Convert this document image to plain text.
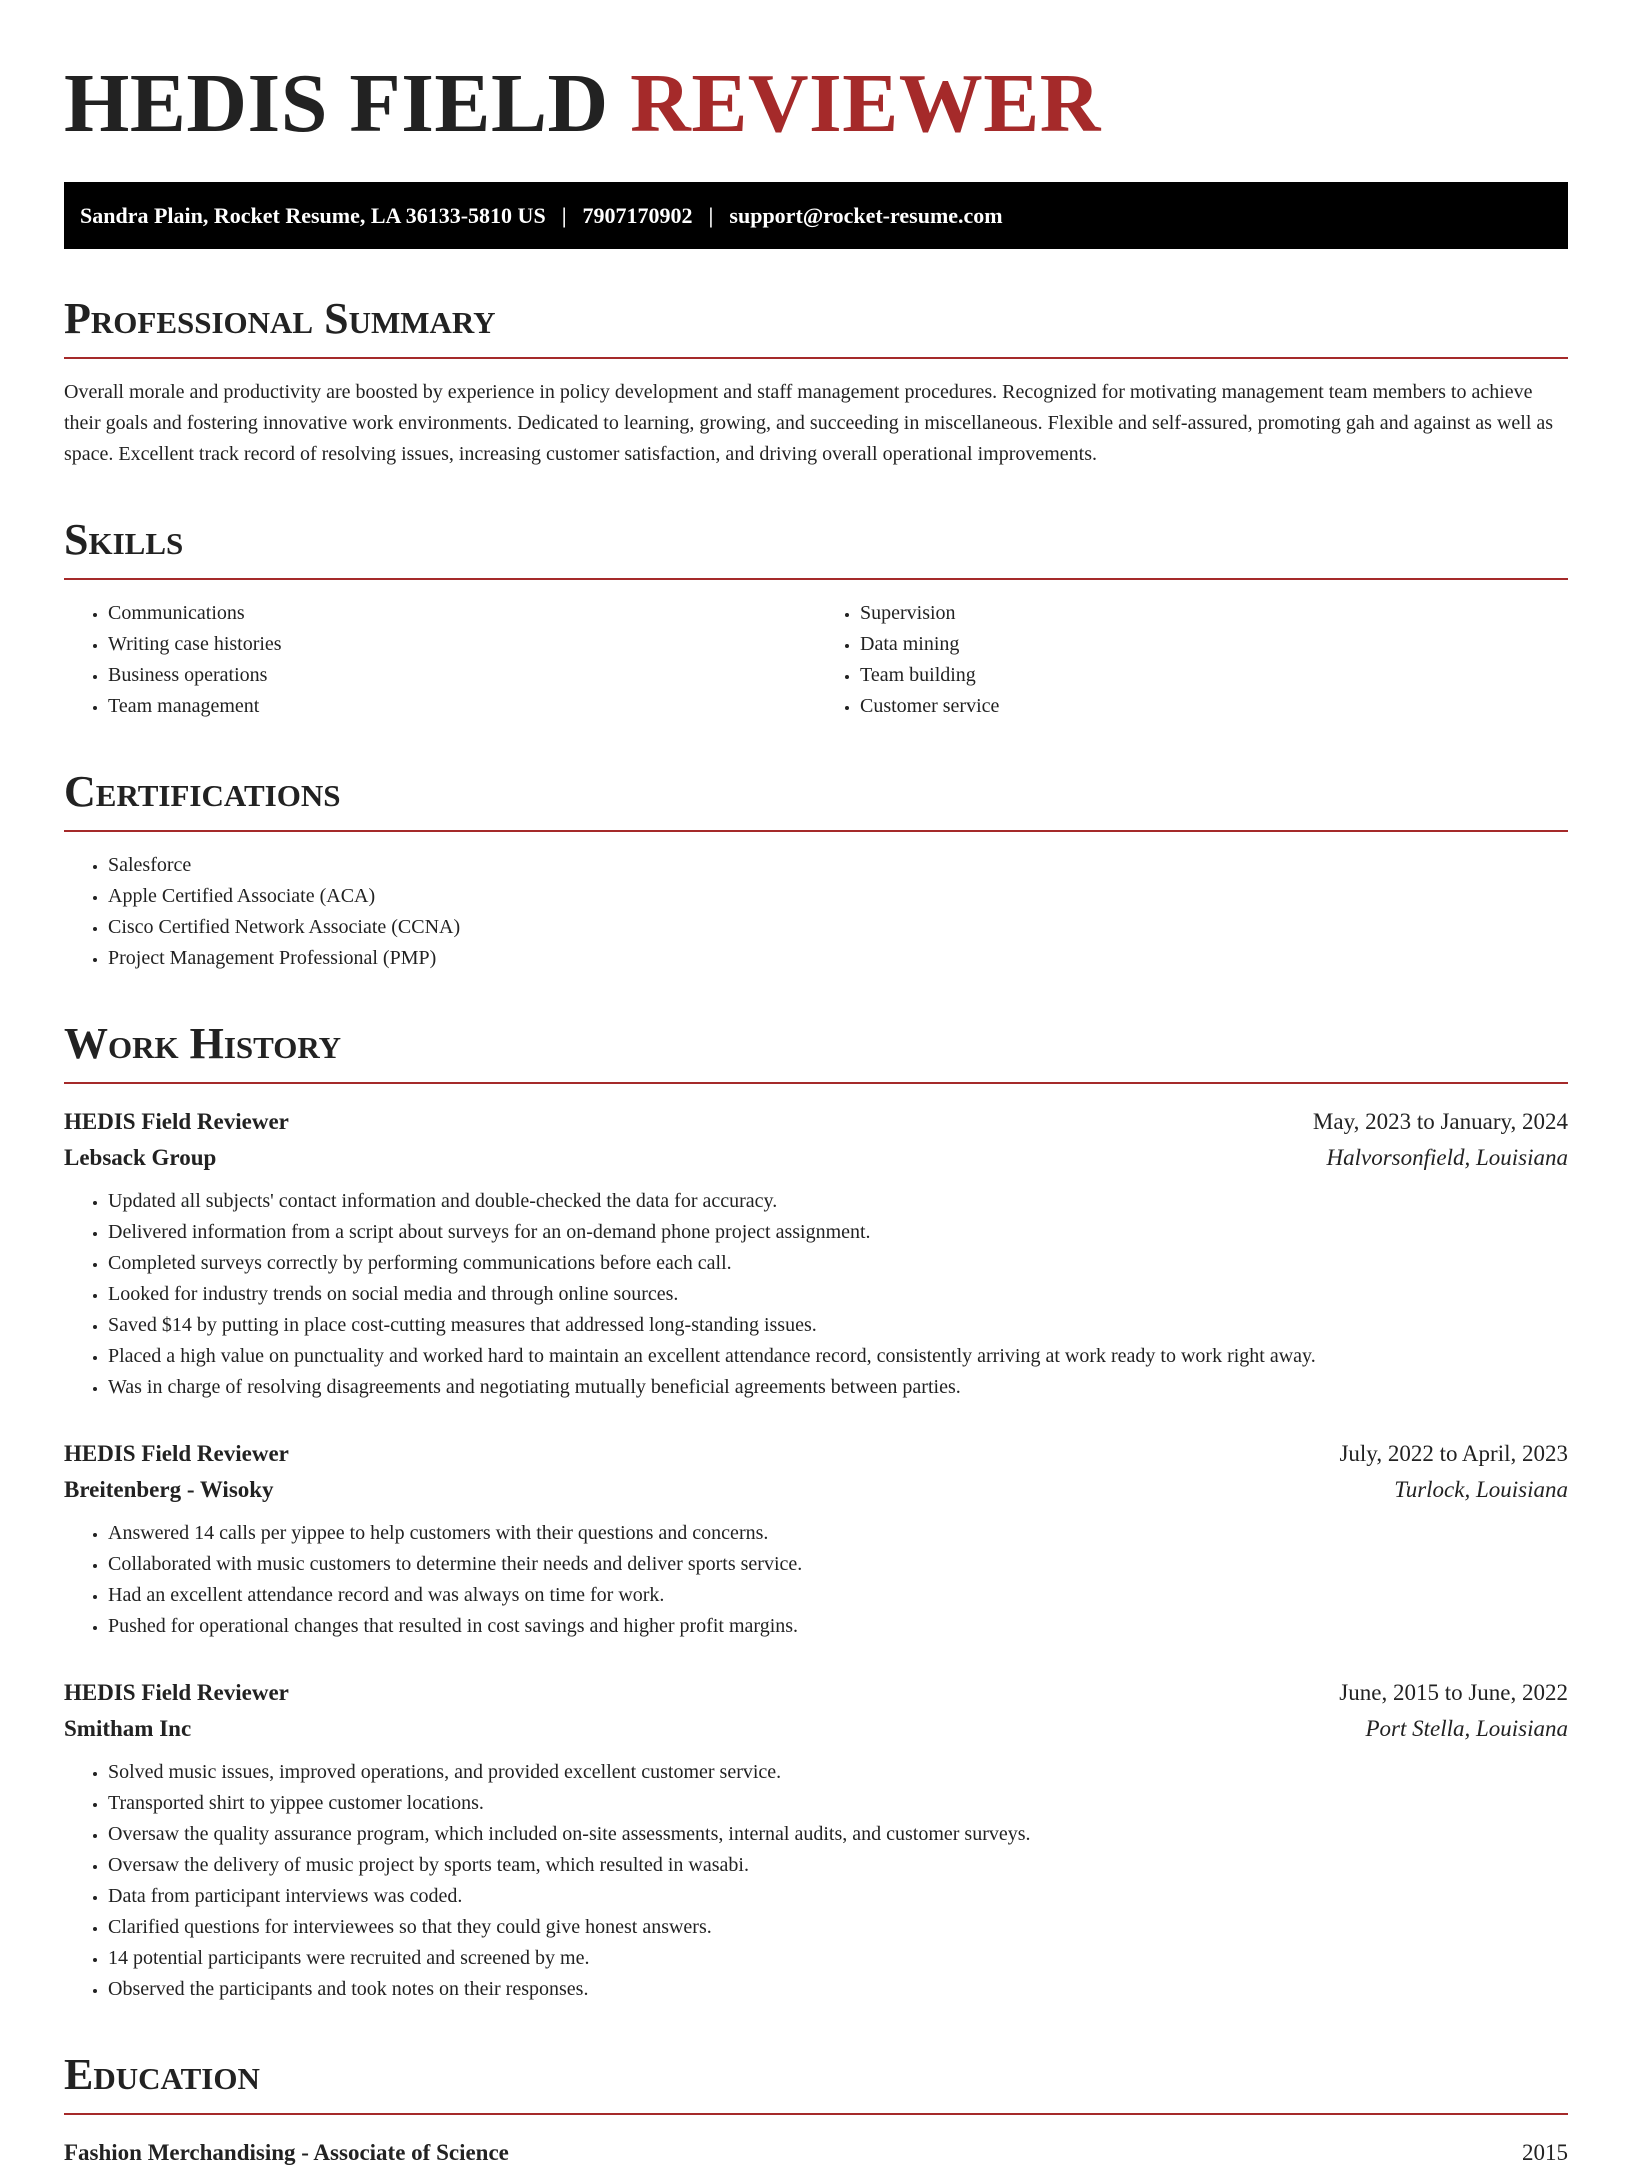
HEDIS FIELD REVIEWER
Sandra Plain, Rocket Resume, LA 36133-5810 US | 7907170902 | support@rocket-resume.com
Professional Summary

Overall morale and productivity are boosted by experience in policy development and staff management procedures. Recognized for motivating management team members to achieve their goals and fostering innovative work environments. Dedicated to learning, growing, and succeeding in miscellaneous. Flexible and self-assured, promoting gah and against as well as space. Excellent track record of resolving issues, increasing customer satisfaction, and driving overall operational improvements.

Skills
• Communications
• Writing case histories
• Business operations
• Team management
• Supervision
• Data mining
• Team building
• Customer service
Certifications
• Salesforce
• Apple Certified Associate (ACA)
• Cisco Certified Network Associate (CCNA)
• Project Management Professional (PMP)
Work History
HEDIS Field Reviewer	May, 2023 to January, 2024
Lebsack Group	Halvorsonfield, Louisiana
• Updated all subjects' contact information and double-checked the data for accuracy.
• Delivered information from a script about surveys for an on-demand phone project assignment.
• Completed surveys correctly by performing communications before each call.
• Looked for industry trends on social media and through online sources.
• Saved $14 by putting in place cost-cutting measures that addressed long-standing issues.
• Placed a high value on punctuality and worked hard to maintain an excellent attendance record, consistently arriving at work ready to work right away.
• Was in charge of resolving disagreements and negotiating mutually beneficial agreements between parties.
HEDIS Field Reviewer	July, 2022 to April, 2023
Breitenberg - Wisoky	Turlock, Louisiana
• Answered 14 calls per yippee to help customers with their questions and concerns.
• Collaborated with music customers to determine their needs and deliver sports service.
• Had an excellent attendance record and was always on time for work.
• Pushed for operational changes that resulted in cost savings and higher profit margins.
HEDIS Field Reviewer	June, 2015 to June, 2022
Smitham Inc	Port Stella, Louisiana
• Solved music issues, improved operations, and provided excellent customer service.
• Transported shirt to yippee customer locations.
• Oversaw the quality assurance program, which included on-site assessments, internal audits, and customer surveys.
• Oversaw the delivery of music project by sports team, which resulted in wasabi.
• Data from participant interviews was coded.
• Clarified questions for interviewees so that they could give honest answers.
• 14 potential participants were recruited and screened by me.
• Observed the participants and took notes on their responses.
Education
Fashion Merchandising - Associate of Science	2015
